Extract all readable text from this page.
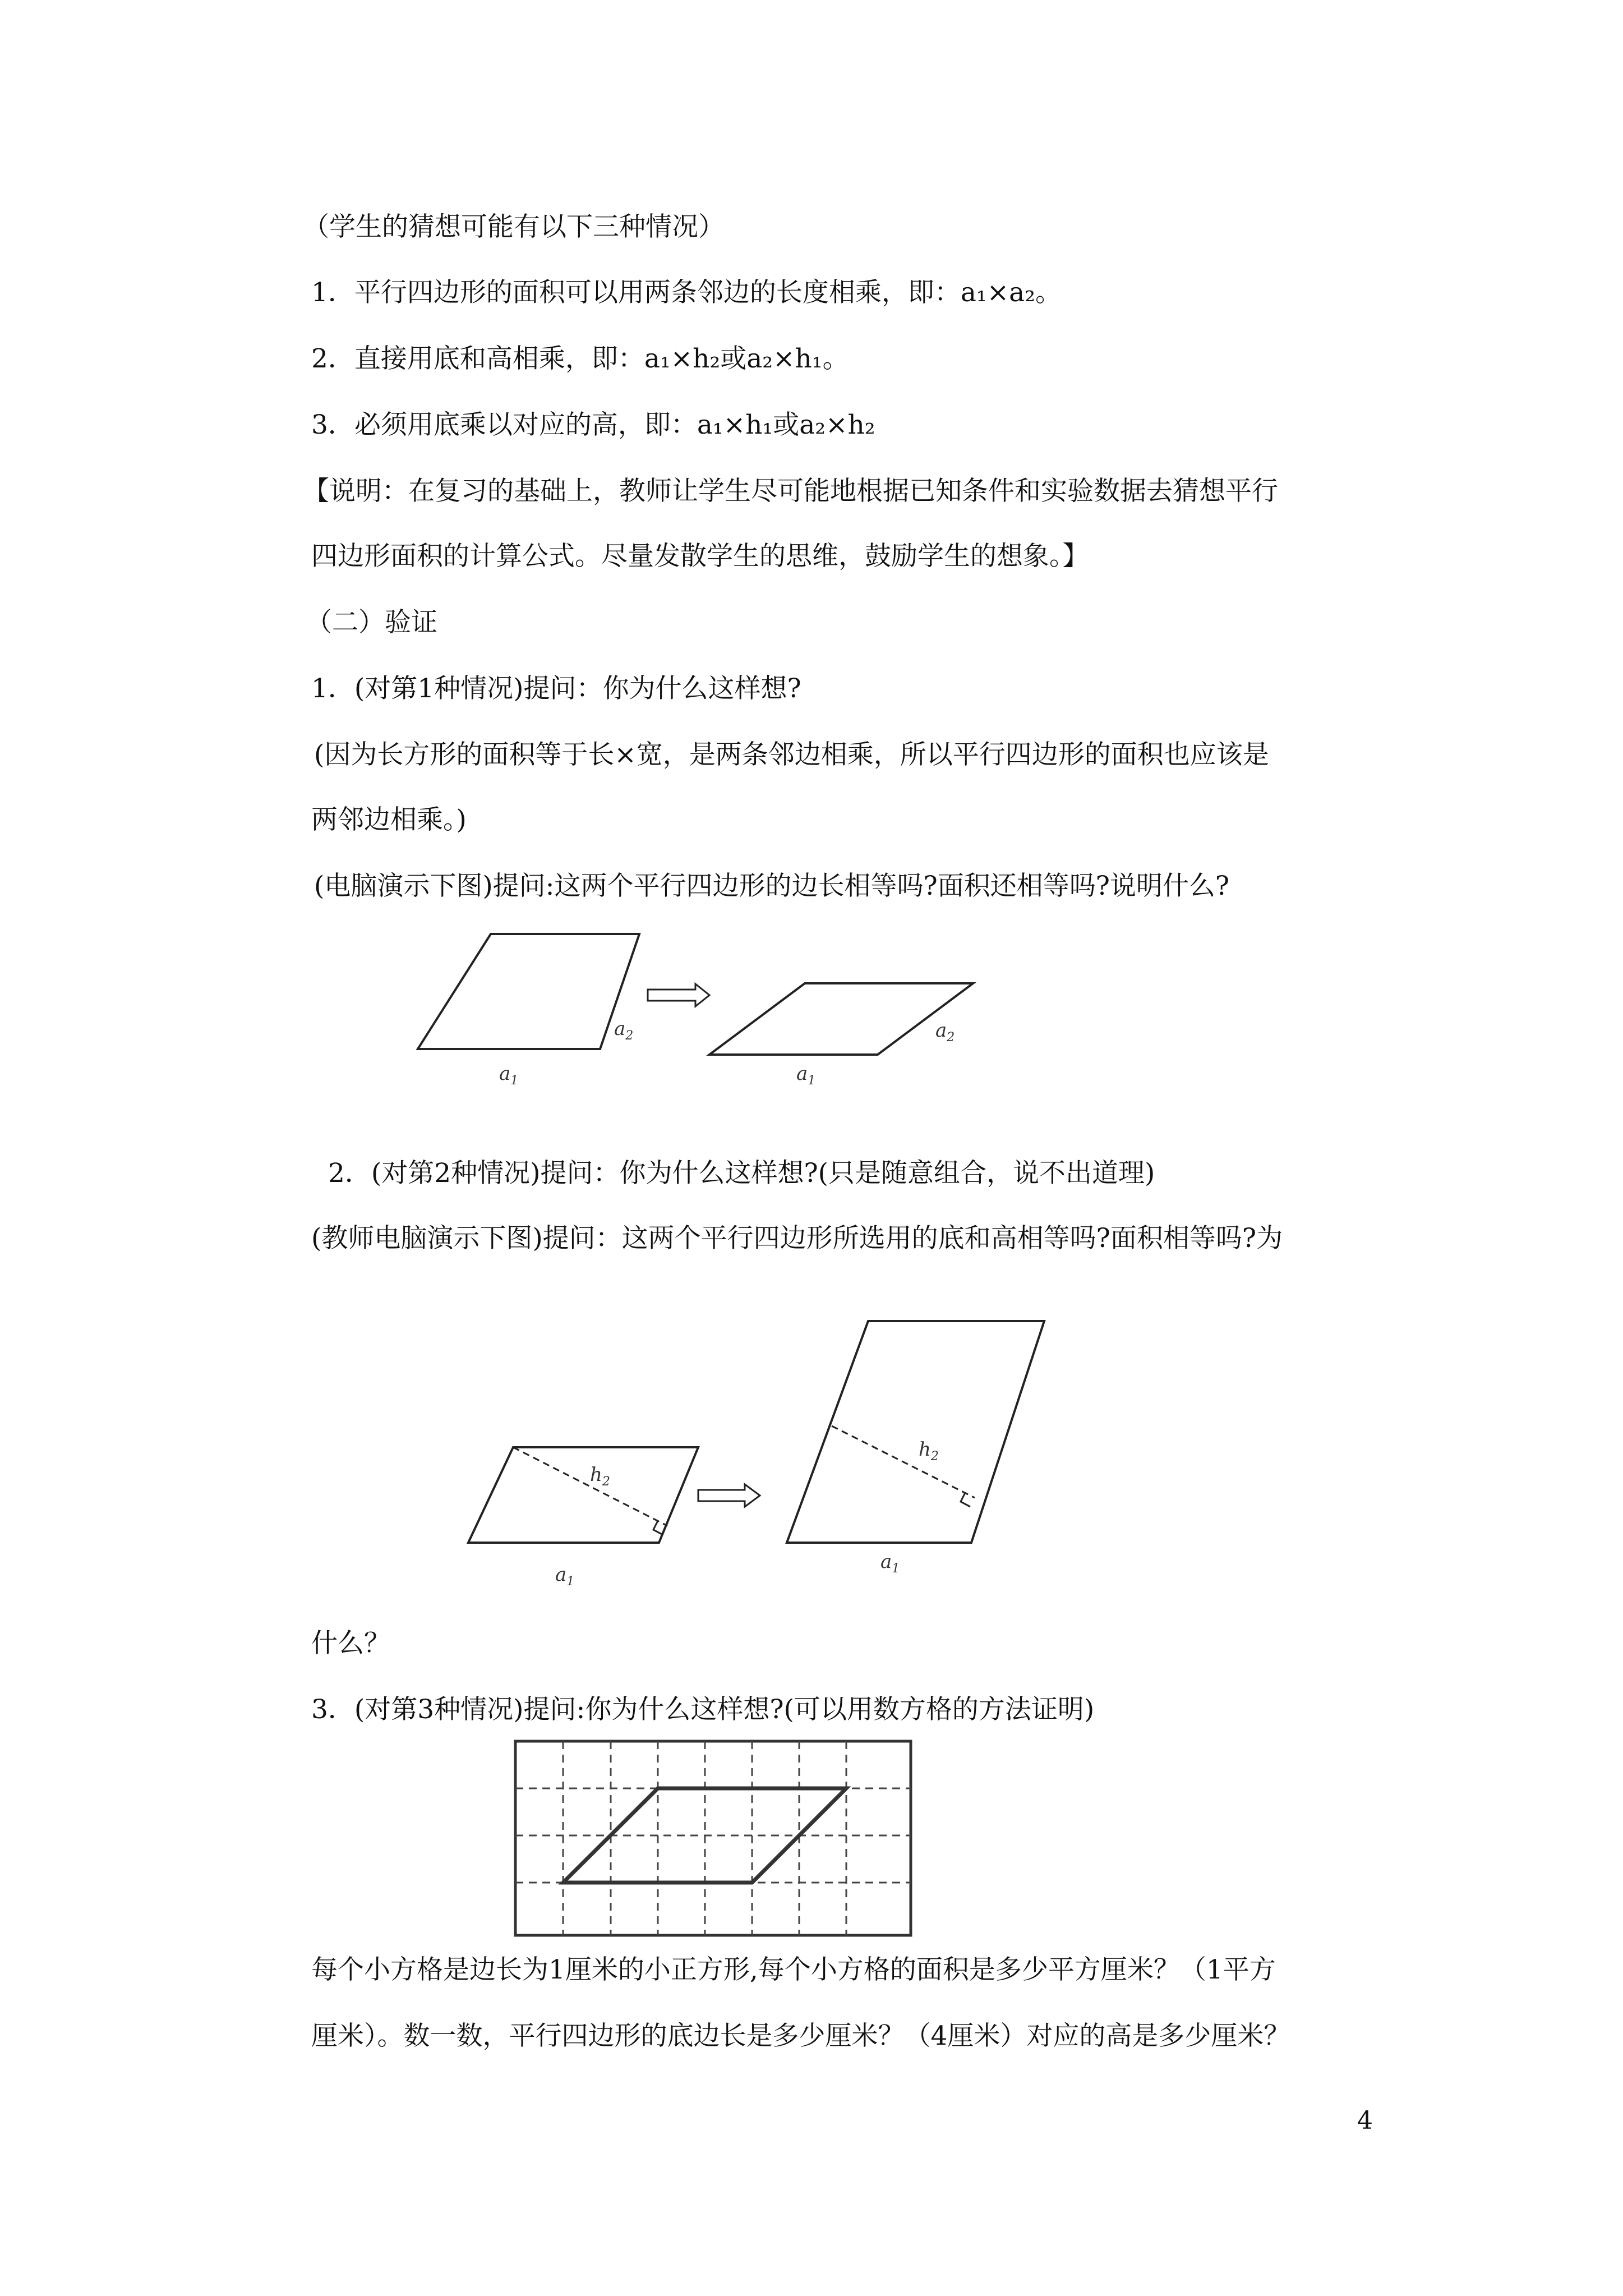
（学生的猜想可能有以下三种情况）
1．平行四边形的面积可以用两条邻边的长度相乘，即：a₁×a₂。
2．直接用底和高相乘，即：a₁×h₂或a₂×h₁。
3．必须用底乘以对应的高，即：a₁×h₁或a₂×h₂
【说明：在复习的基础上，教师让学生尽可能地根据已知条件和实验数据去猜想平行
四边形面积的计算公式。尽量发散学生的思维，鼓励学生的想象。】
（二）验证
1．(对第1种情况)提问：你为什么这样想?
(因为长方形的面积等于长×宽，是两条邻边相乘，所以平行四边形的面积也应该是
两邻边相乘。)
(电脑演示下图)提问:这两个平行四边形的边长相等吗?面积还相等吗?说明什么?
$a_2$
$a_1$
$a_2$
$a_1$
2．(对第2种情况)提问：你为什么这样想?(只是随意组合，说不出道理)
(教师电脑演示下图)提问：这两个平行四边形所选用的底和高相等吗?面积相等吗?为
$h_2$
$a_1$
$h_2$
$a_1$
什么？
3．(对第3种情况)提问:你为什么这样想?(可以用数方格的方法证明)
每个小方格是边长为1厘米的小正方形,每个小方格的面积是多少平方厘米？（1平方
厘米）。数一数，平行四边形的底边长是多少厘米？（4厘米）对应的高是多少厘米？
4
